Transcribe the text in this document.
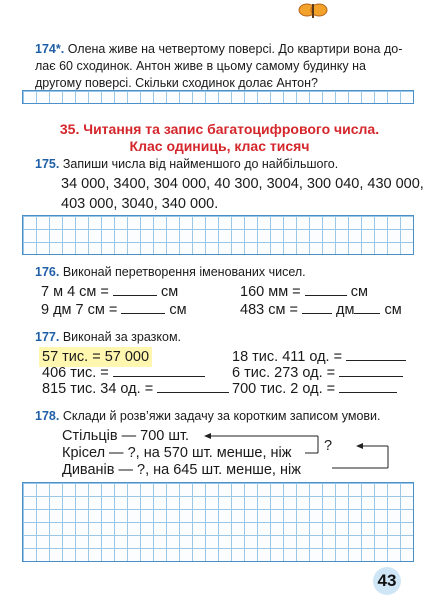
174*. Олена живе на четвертому поверсі. До квартири вона до-
лає 60 сходинок. Антон живе в цьому самому будинку на
другому поверсі. Скільки сходинок долає Антон?
35. Читання та запис багатоцифрового числа.
Клас одиниць, клас тисяч
175. Запиши числа від найменшого до найбільшого.
34 000, 3400, 304 000, 40 300, 3004, 300 040, 430 000,
403 000, 3040, 340 000.
176. Виконай перетворення іменованих чисел.
7 м 4 см =	см	160 мм =	см
9 дм 7 см =	см	483 см =  дм см
177. Виконай за зразком.
57 тис. = 57 000	18 тис. 411 од. =
406 тис. =	6 тис. 273 од. =
815 тис. 34 од. =	700 тис. 2 од. =
178. Склади й розв’яжи задачу за коротким записом умови.
Стільців — 700 шт.
Крісел — ?, на 570 шт. менше, ніж
Диванів — ?, на 645 шт. менше, ніж
?
43
